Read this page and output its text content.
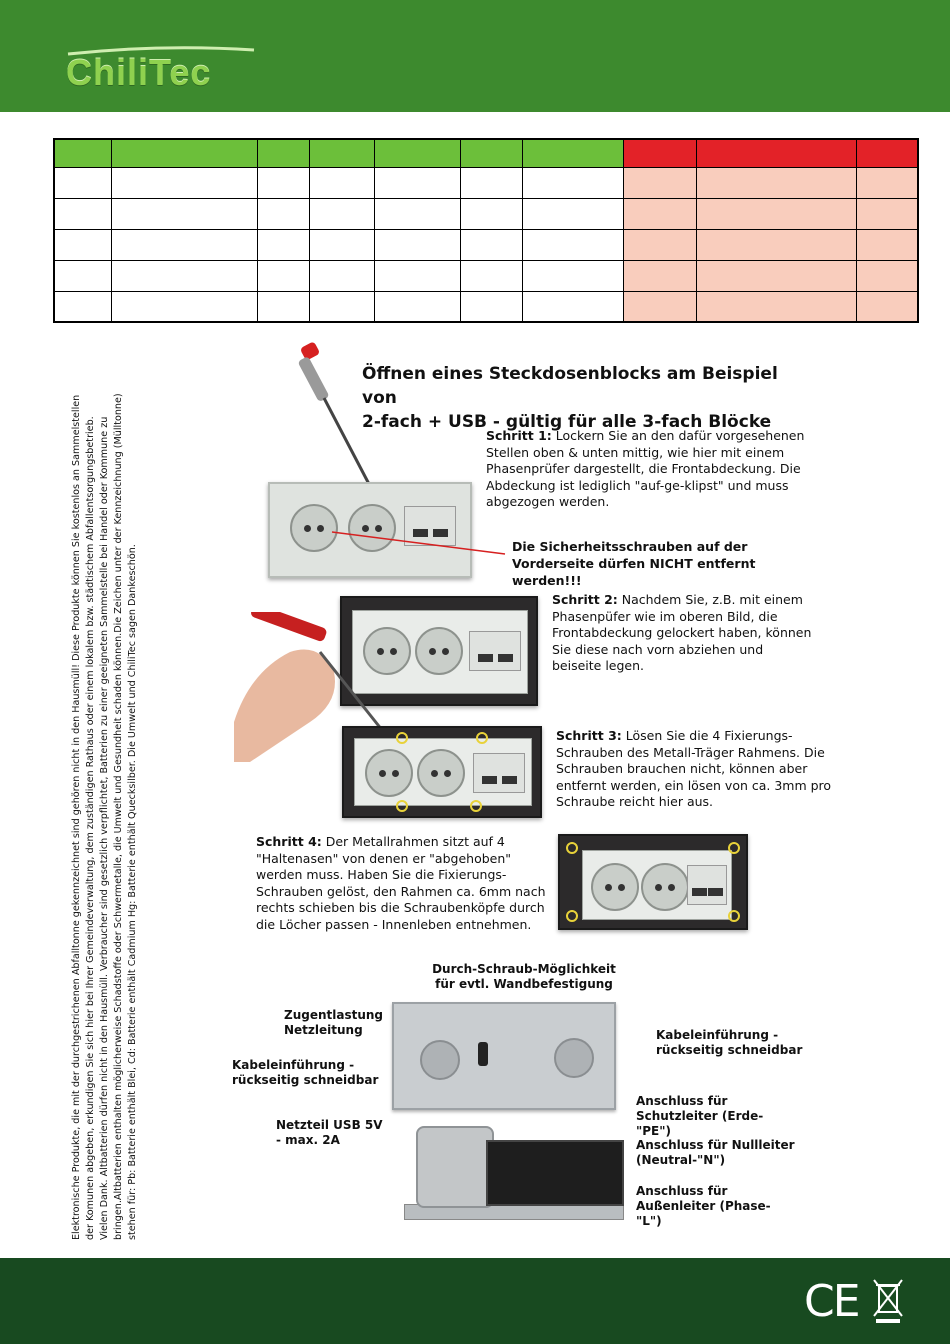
ChiliTec

Elektronische Produkte, die mit der durchgestrichenen Abfalltonne gekennzeichnet sind gehören nicht in den Hausmüll! Diese Produkte können Sie kostenlos an Sammelstellen der Komunen abgeben, erkundigen Sie sich hier bei Ihrer Gemeindeverwaltung, dem zuständigen Rathaus oder einem lokalem bzw. städtischem Abfallentsorgungsbetrieb. Vielen Dank. Altbatterien dürfen nicht in den Hausmüll. Verbraucher sind gesetzlich verpflichtet, Batterien zu einer geeigneten Sammelstelle bei Handel oder Kommune zu bringen.Altbatterien enthalten möglicherweise Schadstoffe oder Schwermetalle, die Umwelt und Gesundheit schaden können.Die Zeichen unter der Kennzeichnung (Mülltonne) stehen für: Pb: Batterie enthält Blei, Cd: Batterie enthält Cadmium Hg: Batterie enthält Quecksilber. Die Umwelt und ChiliTec sagen Dankeschön.
Öffnen eines Steckdosenblocks am Beispiel von
2-fach + USB - gültig für alle 3-fach Blöcke
Schritt 1: Lockern Sie an den dafür vorgesehenen Stellen oben & unten mittig, wie hier mit einem Phasenprüfer dargestellt, die Frontabdeckung. Die Abdeckung ist lediglich "auf-ge-klipst" und muss abgezogen werden.
Die Sicherheitsschrauben auf der Vorderseite dürfen NICHT entfernt werden!!!
Schritt 2: Nachdem Sie, z.B. mit einem Phasenpüfer wie im oberen Bild, die Frontabdeckung gelockert haben, können Sie diese nach vorn abziehen und beiseite legen.
Schritt 3: Lösen Sie die 4 Fixierungs-Schrauben des Metall-Träger Rahmens. Die Schrauben brauchen nicht, können aber entfernt werden, ein lösen von ca. 3mm pro Schraube reicht hier aus.
Schritt 4: Der Metallrahmen sitzt auf 4 "Haltenasen" von denen er "abgehoben" werden muss. Haben Sie die Fixierungs-Schrauben gelöst, den Rahmen ca. 6mm nach rechts schieben bis die Schraubenköpfe durch die Löcher passen - Innenleben entnehmen.
Durch-Schraub-Möglichkeit für evtl. Wandbefestigung
Zugentlastung Netzleitung
Kabeleinführung - rückseitig schneidbar
Kabeleinführung - rückseitig schneidbar
Netzteil USB 5V - max. 2A
Anschluss für Schutzleiter (Erde-"PE")
Anschluss für Nullleiter (Neutral-"N")
Anschluss für Außenleiter (Phase-"L")
CE
